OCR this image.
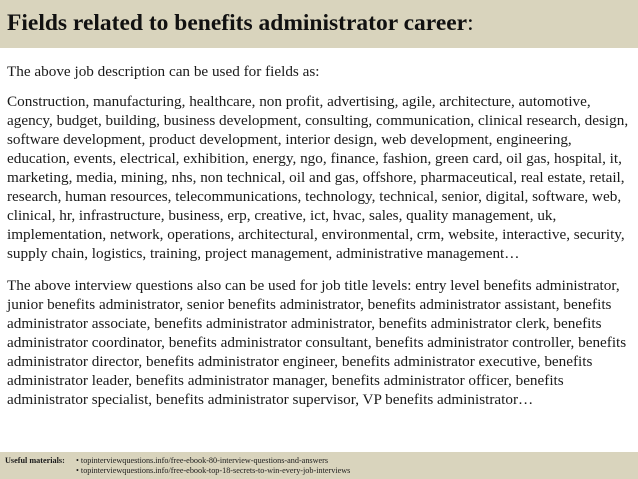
Fields related to benefits administrator career:

The above job description can be used for fields as:

Construction, manufacturing, healthcare, non profit, advertising, agile, architecture, automotive, agency, budget, building, business development, consulting, communication, clinical research, design, software development, product development, interior design, web development, engineering, education, events, electrical, exhibition, energy, ngo, finance, fashion, green card, oil gas, hospital, it, marketing, media, mining, nhs, non technical, oil and gas, offshore, pharmaceutical, real estate, retail, research, human resources, telecommunications, technology, technical, senior, digital, software, web, clinical, hr, infrastructure, business, erp, creative, ict, hvac, sales, quality management, uk, implementation, network, operations, architectural, environmental, crm, website, interactive, security, supply chain, logistics, training, project management, administrative management…

The above interview questions also can be used for job title levels: entry level benefits administrator, junior benefits administrator, senior benefits administrator, benefits administrator assistant, benefits administrator associate, benefits administrator administrator, benefits administrator clerk, benefits administrator coordinator, benefits administrator consultant, benefits administrator controller, benefits administrator director, benefits administrator engineer, benefits administrator executive, benefits administrator leader, benefits administrator manager, benefits administrator officer, benefits administrator specialist, benefits administrator supervisor, VP benefits administrator…

Useful materials: • topinterviewquestions.info/free-ebook-80-interview-questions-and-answers
• topinterviewquestions.info/free-ebook-top-18-secrets-to-win-every-job-interviews
